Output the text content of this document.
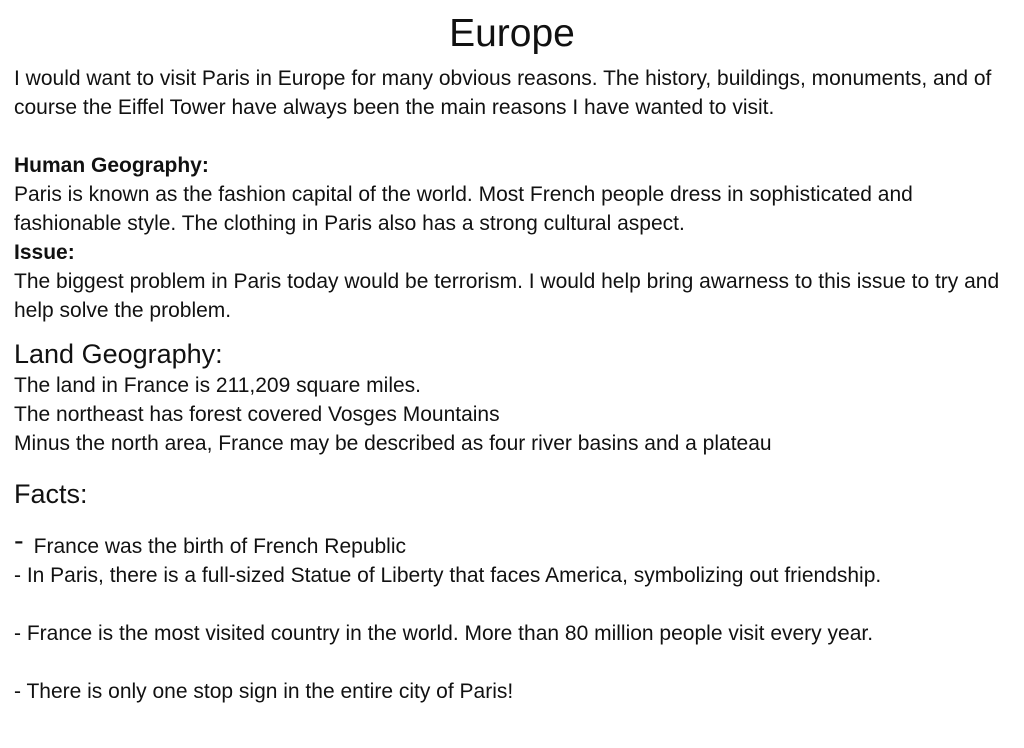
Europe

I would want to visit Paris in Europe for many obvious reasons. The history, buildings, monuments, and of course the Eiffel Tower have always been the main reasons I have wanted to visit.

Human Geography:

Paris is known as the fashion capital of the world. Most French people dress in sophisticated and fashionable style. The clothing in Paris also has a strong cultural aspect.

Issue:

The biggest problem in Paris today would be terrorism. I would help bring awarness to this issue to try and help solve the problem.

Land Geography:
The land in France is 211,209 square miles.
The northeast has forest covered Vosges Mountains
Minus the north area, France may be described as four river basins and a plateau
Facts:
- France was the birth of French Republic

- In Paris, there is a full-sized Statue of Liberty that faces America, symbolizing out friendship.

- France is the most visited country in the world. More than 80 million people visit every year.

- There is only one stop sign in the entire city of Paris!
